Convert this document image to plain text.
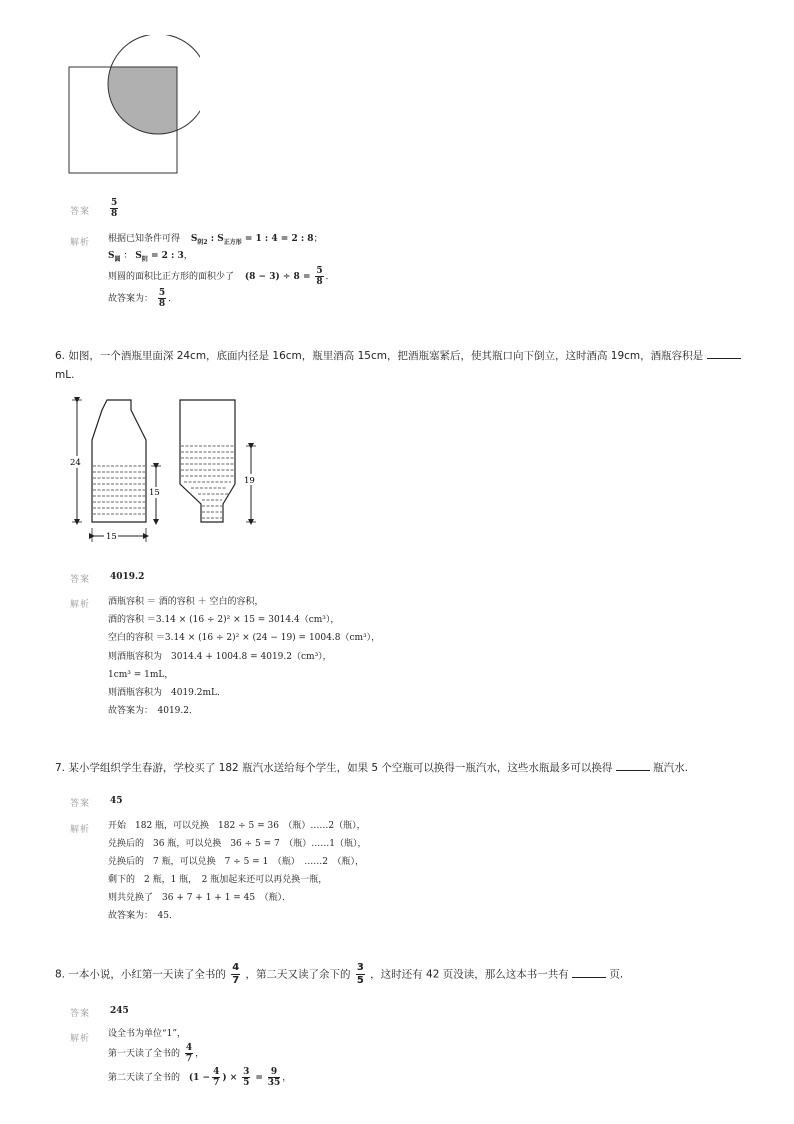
答案 $\frac{5}{8}$
解析 根据已知条件可得 $S_{阴2}$ : $S_{正方形} = 1$ : 4 = 2 : 8；
$S_圆$ ： $S_阴 = 2$ : 3，
则圆的面积比正方形的面积少了 $(8 - 3) \div 8 = \frac{5}{8}$ ．
故答案为： $\frac{5}{8}$ ．
6. 如图，一个酒瓶里面深 24cm，底面内径是 16cm，瓶里酒高 15cm，把酒瓶塞紧后，使其瓶口向下倒立，这时酒高 19cm，酒瓶容积是
mL.
24
15
15
19
答案 4019.2
解析 酒瓶容积 ＝ 酒的容积 ＋ 空白的容积，
酒的容积 ＝3.14 × (16 ÷ 2)² × 15 = 3014.4（cm³），
空白的容积 ＝3.14 × (16 ÷ 2)² × (24 − 19) = 1004.8（cm³），
则酒瓶容积为　3014.4 + 1004.8 = 4019.2（cm³），
1cm³ = 1mL，
则酒瓶容积为　4019.2mL．
故答案为：　4019.2．
7. 某小学组织学生春游，学校买了 182 瓶汽水送给每个学生，如果 5 个空瓶可以换得一瓶汽水，这些水瓶最多可以换得	瓶汽水.
答案 45
解析 开始　182 瓶，可以兑换　182 ÷ 5 = 36　（瓶）……2（瓶），
兑换后的　36 瓶，可以兑换　36 ÷ 5 = 7　（瓶）……1（瓶），
兑换后的　7 瓶，可以兑换　7 ÷ 5 = 1　（瓶）　……2　（瓶），
剩下的　2 瓶，1 瓶，　2 瓶加起来还可以再兑换一瓶，
则共兑换了　36 + 7 + 1 + 1 = 45　（瓶）．
故答案为：　45．
8. 一本小说，小红第一天读了全书的 $\frac{4}{7}$ ，第二天又读了余下的 $\frac{3}{5}$ ，这时还有 42 页没读，那么这本书一共有	页.
答案 245
解析 设全书为单位“1”，
第一天读了全书的 $\frac{4}{7}$ ，
第二天读了全书的 ($1 - \frac{4}{7}$ ) × $\frac{3}{5} = \frac{9}{35}$ ，
